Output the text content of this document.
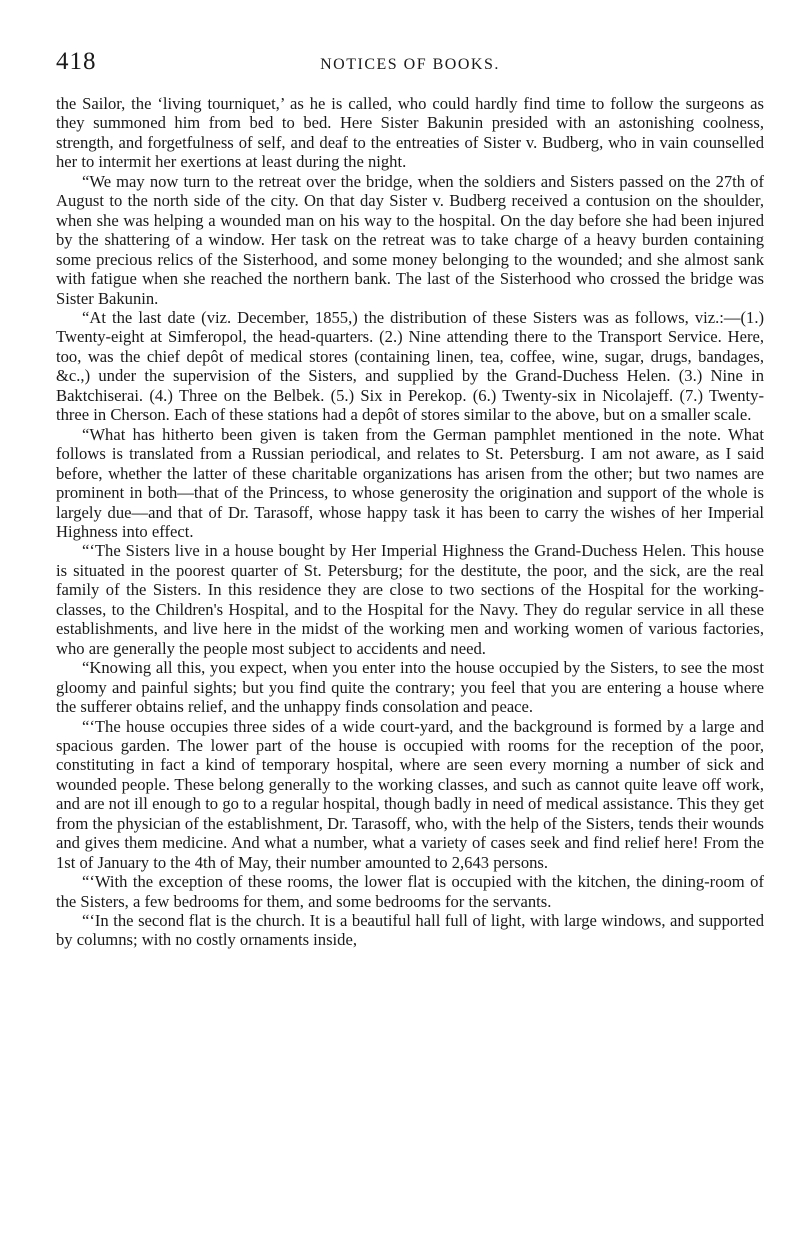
418	NOTICES OF BOOKS.

the Sailor, the ‘living tourniquet,’ as he is called, who could hardly find time to follow the surgeons as they summoned him from bed to bed. Here Sister Bakunin presided with an astonishing coolness, strength, and forgetfulness of self, and deaf to the entreaties of Sister v. Budberg, who in vain counselled her to intermit her exertions at least during the night.

“We may now turn to the retreat over the bridge, when the soldiers and Sisters passed on the 27th of August to the north side of the city. On that day Sister v. Budberg received a contusion on the shoulder, when she was helping a wounded man on his way to the hospital. On the day before she had been injured by the shattering of a window. Her task on the retreat was to take charge of a heavy burden containing some precious relics of the Sisterhood, and some money belonging to the wounded; and she almost sank with fatigue when she reached the northern bank. The last of the Sisterhood who crossed the bridge was Sister Bakunin.

“At the last date (viz. December, 1855,) the distribution of these Sisters was as follows, viz.:—(1.) Twenty-eight at Simferopol, the head-quarters. (2.) Nine attending there to the Transport Service. Here, too, was the chief depôt of medical stores (containing linen, tea, coffee, wine, sugar, drugs, bandages, &c.,) under the supervision of the Sisters, and supplied by the Grand-Duchess Helen. (3.) Nine in Baktchiserai. (4.) Three on the Belbek. (5.) Six in Perekop. (6.) Twenty-six in Nicolajeff. (7.) Twenty-three in Cherson. Each of these stations had a depôt of stores similar to the above, but on a smaller scale.

“What has hitherto been given is taken from the German pamphlet mentioned in the note. What follows is translated from a Russian periodical, and relates to St. Petersburg. I am not aware, as I said before, whether the latter of these charitable organizations has arisen from the other; but two names are prominent in both—that of the Princess, to whose generosity the origination and support of the whole is largely due—and that of Dr. Tarasoff, whose happy task it has been to carry the wishes of her Imperial Highness into effect.

“‘The Sisters live in a house bought by Her Imperial Highness the Grand-Duchess Helen. This house is situated in the poorest quarter of St. Petersburg; for the destitute, the poor, and the sick, are the real family of the Sisters. In this residence they are close to two sections of the Hospital for the working-classes, to the Children's Hospital, and to the Hospital for the Navy. They do regular service in all these establishments, and live here in the midst of the working men and working women of various factories, who are generally the people most subject to accidents and need.

“Knowing all this, you expect, when you enter into the house occupied by the Sisters, to see the most gloomy and painful sights; but you find quite the contrary; you feel that you are entering a house where the sufferer obtains relief, and the unhappy finds consolation and peace.

“‘The house occupies three sides of a wide court-yard, and the background is formed by a large and spacious garden. The lower part of the house is occupied with rooms for the reception of the poor, constituting in fact a kind of temporary hospital, where are seen every morning a number of sick and wounded people. These belong generally to the working classes, and such as cannot quite leave off work, and are not ill enough to go to a regular hospital, though badly in need of medical assistance. This they get from the physician of the establishment, Dr. Tarasoff, who, with the help of the Sisters, tends their wounds and gives them medicine. And what a number, what a variety of cases seek and find relief here! From the 1st of January to the 4th of May, their number amounted to 2,643 persons.

“‘With the exception of these rooms, the lower flat is occupied with the kitchen, the dining-room of the Sisters, a few bedrooms for them, and some bedrooms for the servants.

“‘In the second flat is the church. It is a beautiful hall full of light, with large windows, and supported by columns; with no costly ornaments inside,
